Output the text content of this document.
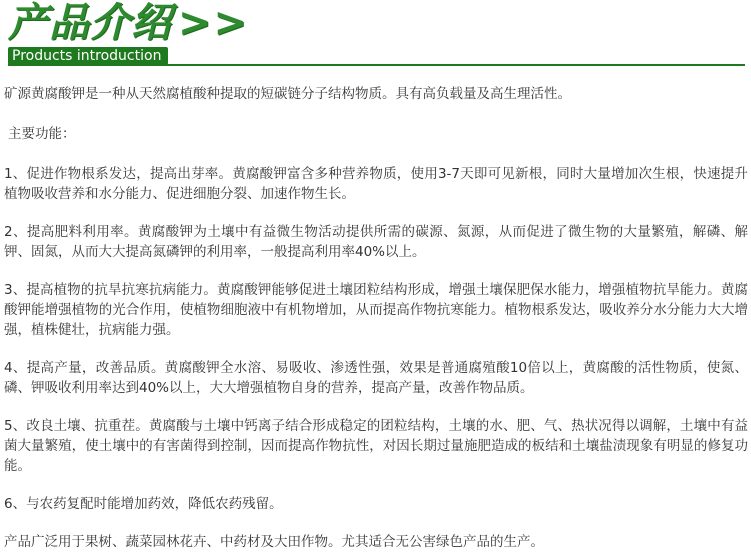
产品介绍 >>
Products introduction

矿源黄腐酸钾是一种从天然腐植酸种提取的短碳链分子结构物质。具有高负载量及高生理活性。

主要功能：

1、促进作物根系发达，提高出芽率。黄腐酸钾富含多种营养物质，使用3-7天即可见新根，同时大量增加次生根，快速提升植物吸收营养和水分能力、促进细胞分裂、加速作物生长。

2、提高肥料利用率。黄腐酸钾为土壤中有益微生物活动提供所需的碳源、氮源，从而促进了微生物的大量繁殖，解磷、解钾、固氮，从而大大提高氮磷钾的利用率，一般提高利用率40%以上。

3、提高植物的抗旱抗寒抗病能力。黄腐酸钾能够促进土壤团粒结构形成，增强土壤保肥保水能力，增强植物抗旱能力。黄腐酸钾能增强植物的光合作用，使植物细胞液中有机物增加，从而提高作物抗寒能力。植物根系发达，吸收养分水分能力大大增强，植株健壮，抗病能力强。

4、提高产量，改善品质。黄腐酸钾全水溶、易吸收、渗透性强，效果是普通腐殖酸10倍以上，黄腐酸的活性物质，使氮、磷、钾吸收利用率达到40%以上，大大增强植物自身的营养，提高产量，改善作物品质。

5、改良土壤、抗重茬。黄腐酸与土壤中钙离子结合形成稳定的团粒结构，土壤的水、肥、气、热状况得以调解，土壤中有益菌大量繁殖，使土壤中的有害菌得到控制，因而提高作物抗性，对因长期过量施肥造成的板结和土壤盐渍现象有明显的修复功能。

6、与农药复配时能增加药效，降低农药残留。

产品广泛用于果树、蔬菜园林花卉、中药材及大田作物。尤其适合无公害绿色产品的生产。
